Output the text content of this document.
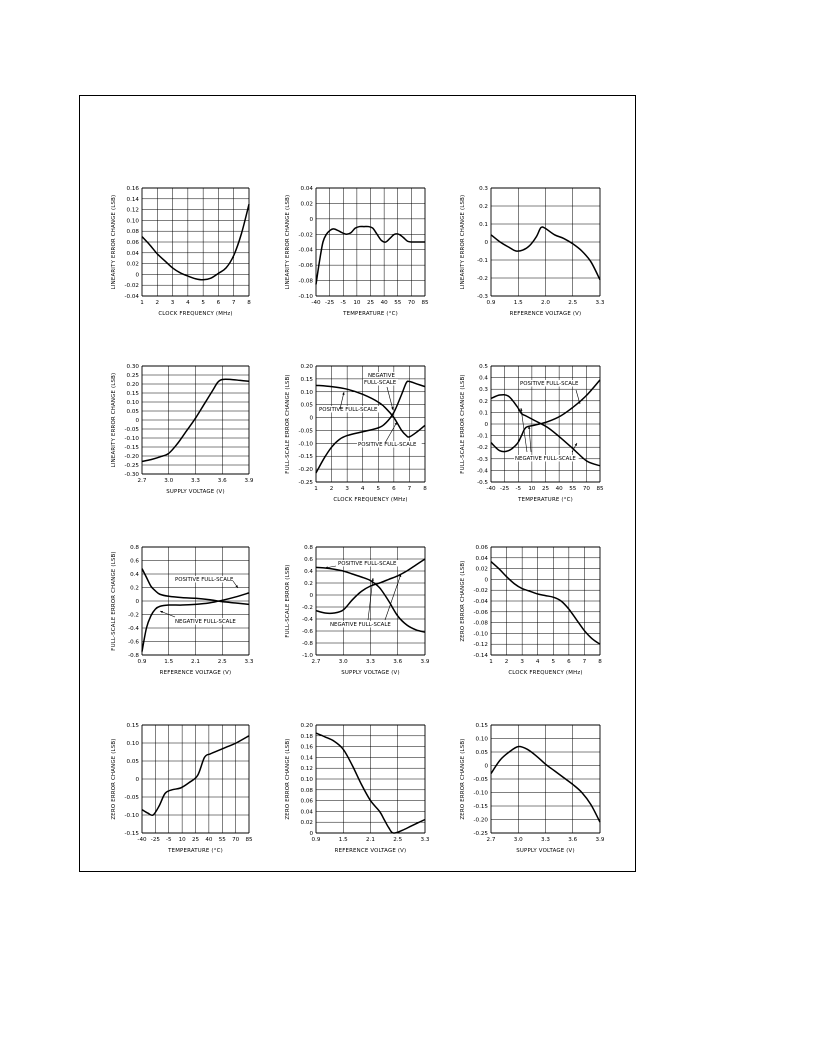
1 2 3 4 5 6 7 8
0.16
0.14
0.12
0.10
0.08
0.06
0.04
0.02
0
-0.02
-0.04
CLOCK FREQUENCY (MHz)
LINEARITY ERROR CHANGE (LSB)
-40 -25 -5 10 25 40 55 70 85
0.04
0.02
0
-0.02
-0.04
-0.06
-0.08
-0.10
TEMPERATURE (°C)
LINEARITY ERROR CHANGE (LSB)
0.9	1.5	2.0	2.5	3.3
0.3
0.2
0.1
0
-0.1
-0.2
-0.3
REFERENCE VOLTAGE (V)
LINEARITY ERROR CHANGE (LSB)
2.7	3.0	3.3	3.6	3.9
0.30
0.25
0.20
0.15
0.10
0.05
0
-0.05
-0.10
-0.15
-0.20
-0.25
-0.30
SUPPLY VOLTAGE (V)
LINEARITY ERROR CHANGE (LSB)
1 2 3 4 5 6 7 8
0.20
0.15
0.10
0.05
0
-0.05
-0.10
-0.15
-0.20
-0.25
CLOCK FREQUENCY (MHz)
FULL-SCALE ERROR CHANGE (LSB)	NEGATIVE
FULL-SCALE
POSITIVE FULL-SCALE
POSITIVE FULL-SCALE
-40 -25 -5 10 25 40 55 70 85
0.5
0.4
0.3
0.2
0.1
0
-0.1
-0.2
-0.3
-0.4
-0.5
TEMPERATURE (°C)
FULL-SCALE ERROR CHANGE (LSB)	POSITIVE FULL-SCALE
NEGATIVE FULL-SCALE
0.9	1.5	2.1	2.5	3.3
0.8
0.6
0.4
0.2
0
-0.2
-0.4
-0.6
-0.8
REFERENCE VOLTAGE (V)
FULL-SCALE ERROR CHANGE (LSB)	POSITIVE FULL-SCALE
NEGATIVE FULL-SCALE
2.7	3.0	3.3	3.6	3.9
0.8
0.6
0.4
0.2
0
-0.2
-0.4
-0.6
-0.8
-1.0
SUPPLY VOLTAGE (V)
FULL-SCALE ERROR (LSB)
POSITIVE FULL-SCALE
NEGATIVE FULL-SCALE
1 2 3 4 5 6 7 8
0.06
0.04
0.02
0
-0.02
-0.04
-0.06
-0.08
-0.10
-0.12
-0.14
CLOCK FREQUENCY (MHz)
ZERO ERROR CHANGE (LSB)
-40 -25 -5 10 25 40 55 70 85
0.15
0.10
0.05
0
-0.05
-0.10
-0.15
TEMPERATURE (°C)
ZERO ERROR CHANGE (LSB)
0.9	1.5	2.1	2.5	3.3
0.20
0.18
0.16
0.14
0.12
0.10
0.08
0.06
0.04
0.02
0
REFERENCE VOLTAGE (V)
ZERO ERROR CHANGE (LSB)
2.7	3.0	3.3	3.6	3.9
0.15
0.10
0.05
0
-0.05
-0.10
-0.15
-0.20
-0.25
SUPPLY VOLTAGE (V)
ZERO ERROR CHANGE (LSB)
